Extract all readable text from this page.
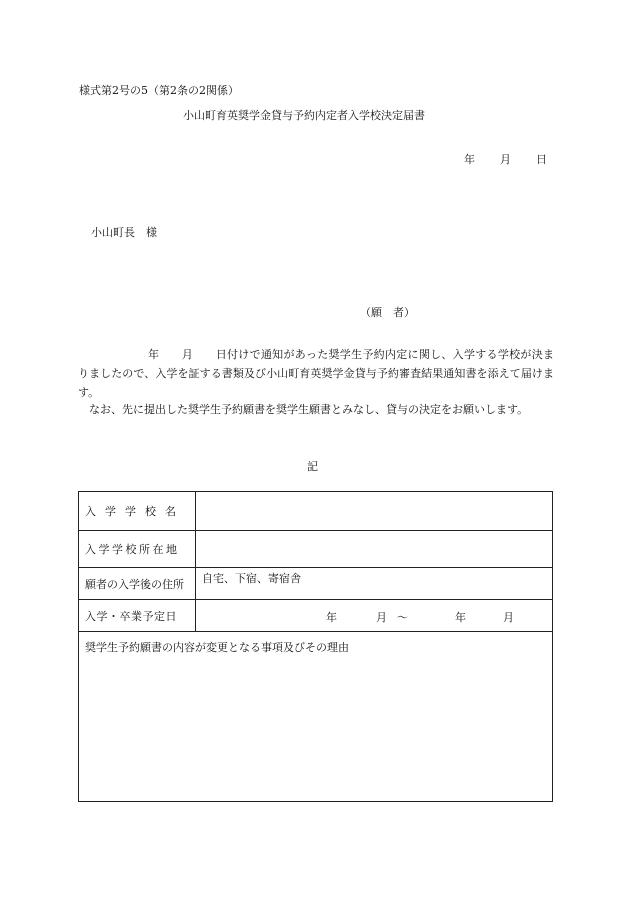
様式第2号の5（第2条の2関係）
小山町育英奨学金貸与予約内定者入学校決定届書
年 月 日
小山町長　様
（願　者）
年　　月　　日付けで通知があった奨学生予約内定に関し、入学する学校が決まりましたので、入学を証する書類及び小山町育英奨学金貸与予約審査結果通知書を添えて届けます。
なお、先に提出した奨学生予約願書を奨学生願書とみなし、貸与の決定をお願いします。
記
入学学校名
入学学校所在地
願者の入学後の住所	自宅、下宿、寄宿舎
入学・卒業予定日	年	月 〜	年	月
奨学生予約願書の内容が変更となる事項及びその理由
